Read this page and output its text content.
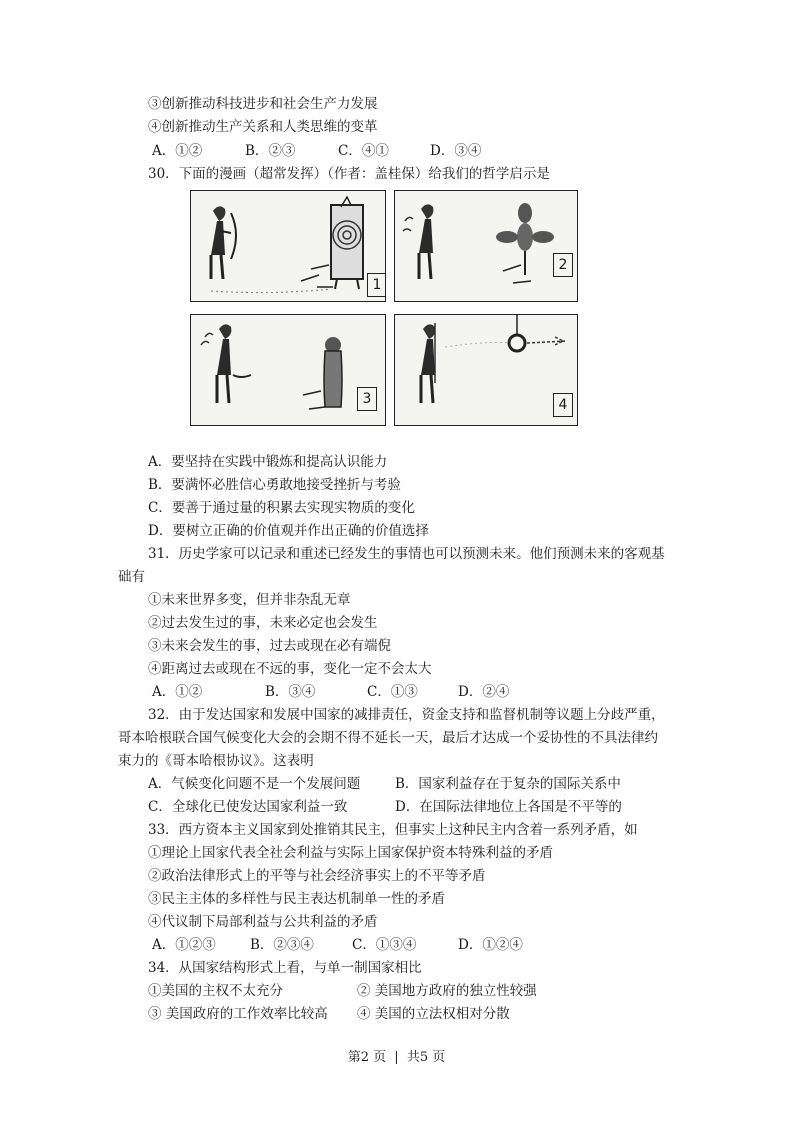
③创新推动科技进步和社会生产力发展
④创新推动生产关系和人类思维的变革
A．①②	B．②③	C．④①	D．③④
30．下面的漫画（超常发挥）（作者：盖桂保）给我们的哲学启示是
1
2
3	4
A．要坚持在实践中锻炼和提高认识能力
B．要满怀必胜信心勇敢地接受挫折与考验
C．要善于通过量的积累去实现实物质的变化
D．要树立正确的价值观并作出正确的价值选择
31．历史学家可以记录和重述已经发生的事情也可以预测未来。他们预测未来的客观基
础有
①未来世界多变，但并非杂乱无章
②过去发生过的事，未来必定也会发生
③未来会发生的事，过去或现在必有端倪
④距离过去或现在不远的事，变化一定不会太大
A．①②	B．③④	C．①③	D．②④
32．由于发达国家和发展中国家的减排责任，资金支持和监督机制等议题上分歧严重，
哥本哈根联合国气候变化大会的会期不得不延长一天，最后才达成一个妥协性的不具法律约
束力的《哥本哈根协议》。这表明
A．气候变化问题不是一个发展问题	B．国家利益存在于复杂的国际关系中
C．全球化已使发达国家利益一致	D．在国际法律地位上各国是不平等的
33．西方资本主义国家到处推销其民主，但事实上这种民主内含着一系列矛盾，如
①理论上国家代表全社会利益与实际上国家保护资本特殊利益的矛盾
②政治法律形式上的平等与社会经济事实上的不平等矛盾
③民主主体的多样性与民主表达机制单一性的矛盾
④代议制下局部利益与公共利益的矛盾
A．①②③	B．②③④	C．①③④	D．①②④
34．从国家结构形式上看，与单一制国家相比
①美国的主权不太充分	② 美国地方政府的独立性较强
③ 美国政府的工作效率比较高 ④ 美国的立法权相对分散
第2 页 | 共5 页
